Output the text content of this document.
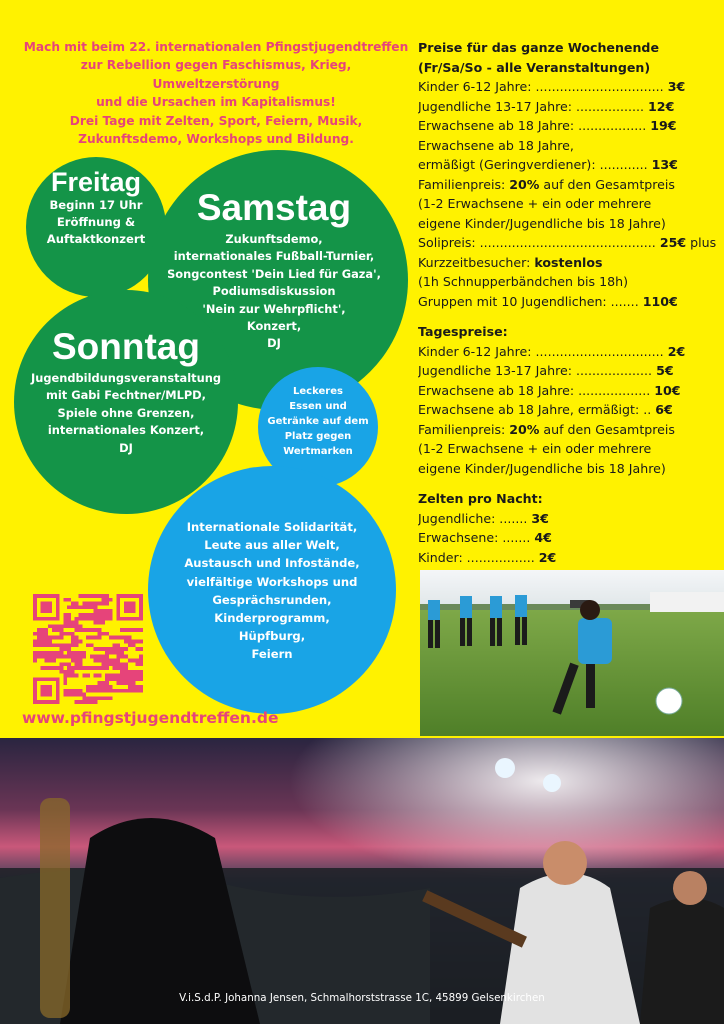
Mach mit beim 22. internationalen Pfingstjugendtreffen
zur Rebellion gegen Faschismus, Krieg, Umweltzerstörung
und die Ursachen im Kapitalismus!
Drei Tage mit Zelten, Sport, Feiern, Musik,
Zukunftsdemo, Workshops und Bildung.
Freitag
Beginn 17 Uhr
Eröffnung &
Auftaktkonzert
Samstag
Zukunftsdemo,
internationales Fußball-Turnier,
Songcontest 'Dein Lied für Gaza',
Podiumsdiskussion
'Nein zur Wehrpflicht',
Konzert,
DJ
Sonntag
Jugendbildungsveranstaltung
mit Gabi Fechtner/MLPD,
Spiele ohne Grenzen,
internationales Konzert,
DJ
Leckeres
Essen und
Getränke auf dem
Platz gegen
Wertmarken
Internationale Solidarität,
Leute aus aller Welt,
Austausch und Infostände,
vielfältige Workshops und
Gesprächsrunden,
Kinderprogramm,
Hüpfburg,
Feiern
www.pfingstjugendtreffen.de
Preise für das ganze Wochenende
(Fr/Sa/So - alle Veranstaltungen)
Kinder 6-12 Jahre: ................................ 3€
Jugendliche 13-17 Jahre: ................. 12€
Erwachsene ab 18 Jahre: ................. 19€
Erwachsene ab 18 Jahre,
ermäßigt (Geringverdiener): ............ 13€
Familienpreis: 20% auf den Gesamtpreis
(1-2 Erwachsene + ein oder mehrere
eigene Kinder/Jugendliche bis 18 Jahre)
Solipreis: ............................................ 25€ plus
Kurzzeitbesucher: kostenlos
(1h Schnupperbändchen bis 18h)
Gruppen mit 10 Jugendlichen: ....... 110€
Tagespreise:
Kinder 6-12 Jahre: ................................ 2€
Jugendliche 13-17 Jahre: ................... 5€
Erwachsene ab 18 Jahre: .................. 10€
Erwachsene ab 18 Jahre, ermäßigt: .. 6€
Familienpreis: 20% auf den Gesamtpreis
(1-2 Erwachsene + ein oder mehrere
eigene Kinder/Jugendliche bis 18 Jahre)
Zelten pro Nacht:
Jugendliche: ....... 3€
Erwachsene: ....... 4€
Kinder: ................. 2€
V.i.S.d.P. Johanna Jensen, Schmalhorststrasse 1C, 45899 Gelsenkirchen
